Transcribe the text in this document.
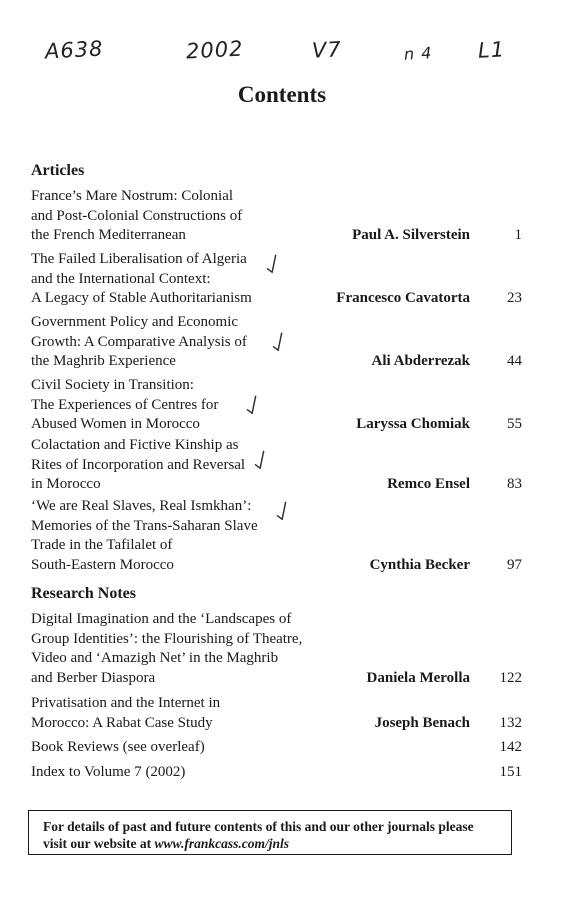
A638	2002	V7	n 4 L1
Contents
Articles
France’s Mare Nostrum: Colonial
and Post-Colonial Constructions of
the French Mediterranean	Paul A. Silverstein	1
The Failed Liberalisation of Algeria
and the International Context:
A Legacy of Stable Authoritarianism	Francesco Cavatorta 23
Government Policy and Economic
Growth: A Comparative Analysis of
the Maghrib Experience	Ali Abderrezak 44
Civil Society in Transition:
The Experiences of Centres for
Abused Women in Morocco	Laryssa Chomiak 55
Colactation and Fictive Kinship as
Rites of Incorporation and Reversal
in Morocco	Remco Ensel 83
‘We are Real Slaves, Real Ismkhan’:
Memories of the Trans-Saharan Slave
Trade in the Tafilalet of
South-Eastern Morocco	Cynthia Becker 97
Research Notes
Digital Imagination and the ‘Landscapes of
Group Identities’: the Flourishing of Theatre,
Video and ‘Amazigh Net’ in the Maghrib
and Berber Diaspora	Daniela Merolla 122
Privatisation and the Internet in
Morocco: A Rabat Case Study	Joseph Benach 132
Book Reviews (see overleaf)	142
Index to Volume 7 (2002)	151
For details of past and future contents of this and our other journals please visit our website at www.frankcass.com/jnls
